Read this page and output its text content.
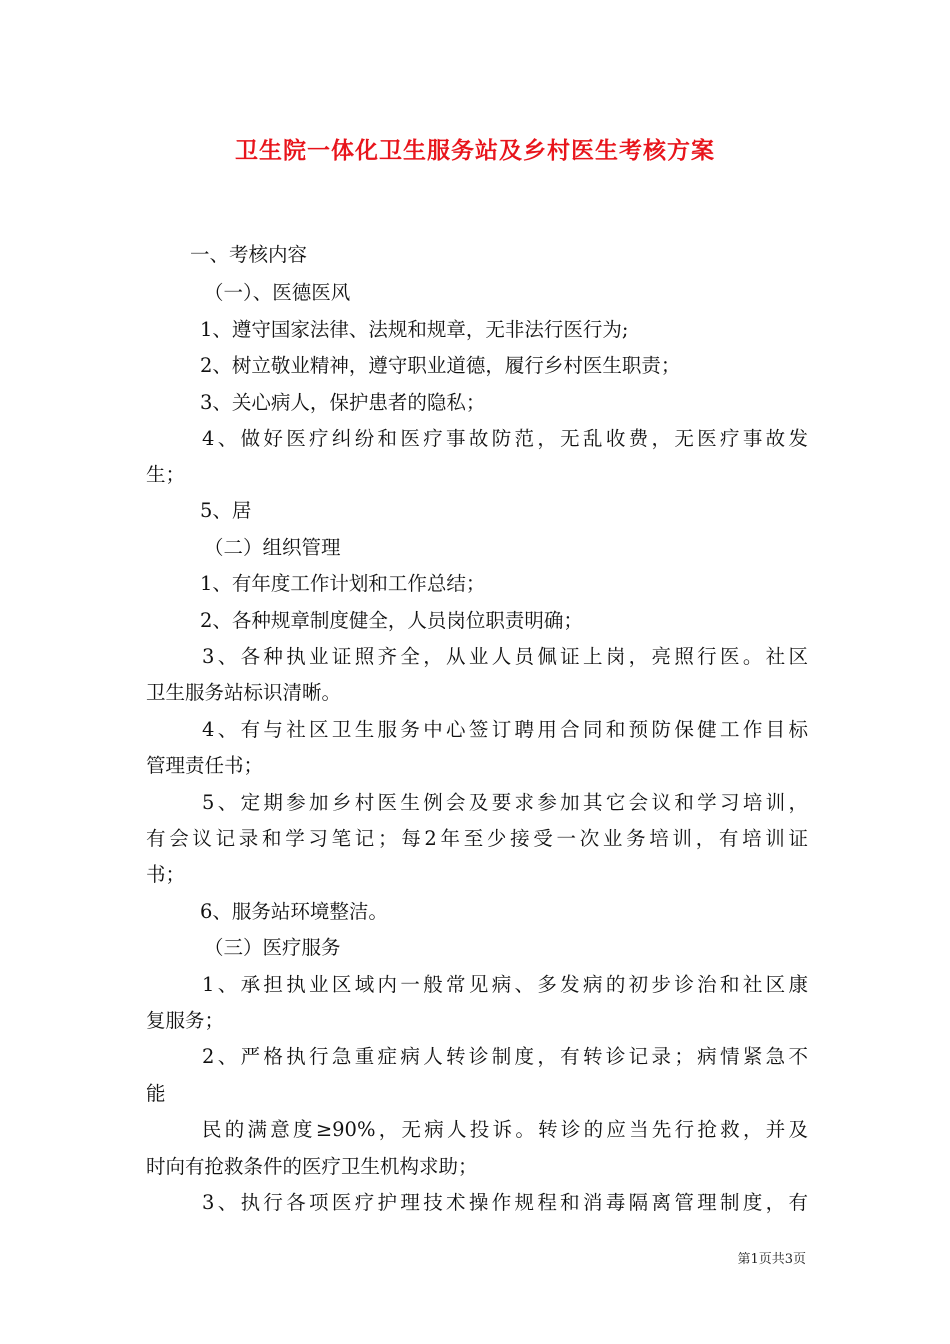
卫生院一体化卫生服务站及乡村医生考核方案
一、考核内容
（一）、医德医风
1、遵守国家法律、法规和规章，无非法行医行为;
2、树立敬业精神，遵守职业道德，履行乡村医生职责；
3、关心病人，保护患者的隐私；
4、做好医疗纠纷和医疗事故防范，无乱收费，无医疗事故发
生；
5、居
（二）组织管理
1、有年度工作计划和工作总结；
2、各种规章制度健全，人员岗位职责明确；
3、各种执业证照齐全，从业人员佩证上岗，亮照行医。社区
卫生服务站标识清晰。
4、有与社区卫生服务中心签订聘用合同和预防保健工作目标
管理责任书；
5、定期参加乡村医生例会及要求参加其它会议和学习培训，
有会议记录和学习笔记；每2年至少接受一次业务培训，有培训证
书；
6、服务站环境整洁。
（三）医疗服务
1、承担执业区域内一般常见病、多发病的初步诊治和社区康
复服务；
2、严格执行急重症病人转诊制度，有转诊记录；病情紧急不
能
民的满意度≥90%，无病人投诉。转诊的应当先行抢救，并及
时向有抢救条件的医疗卫生机构求助；
3、执行各项医疗护理技术操作规程和消毒隔离管理制度，有
第1页共3页
